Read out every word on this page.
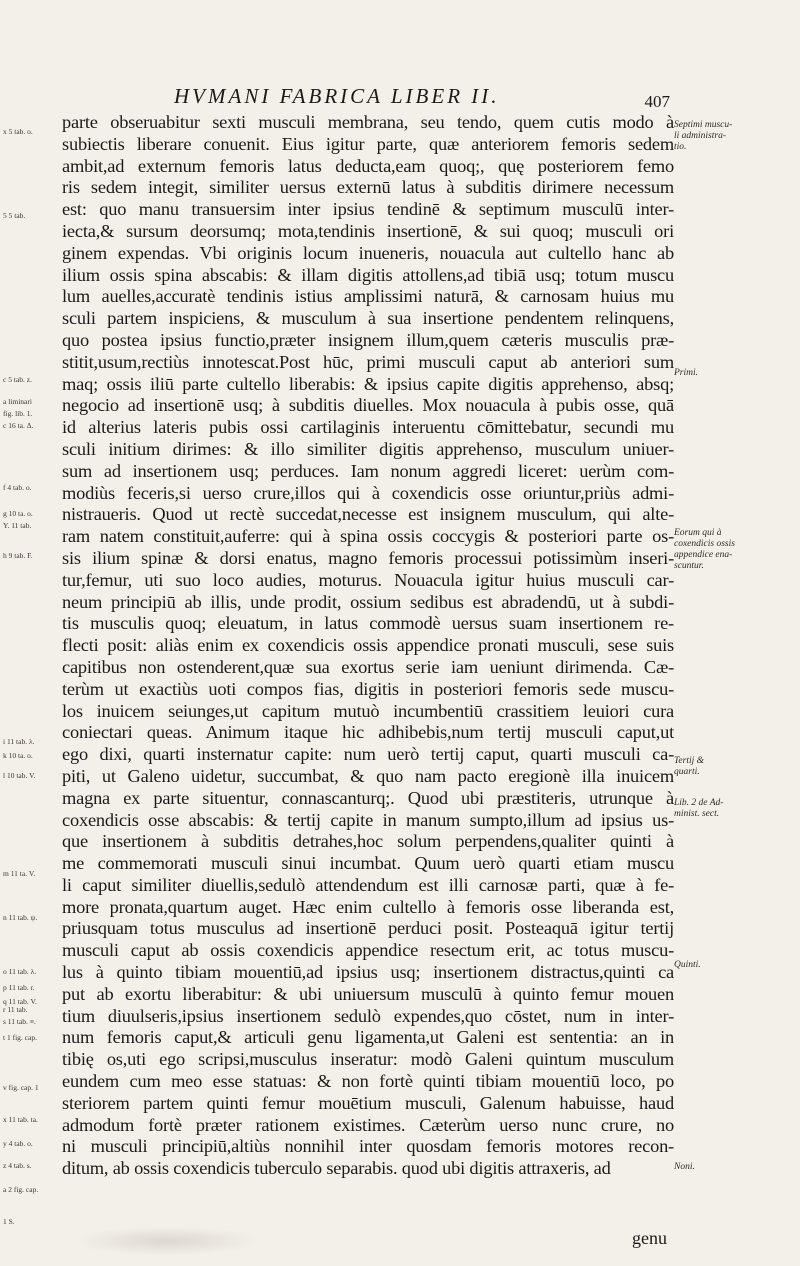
HVMANI FABRICA LIBER II.	407
parte obseruabitur sexti musculi membrana, seu tendo, quem cutis modo à
subiectis liberare conuenit. Eius igitur parte, quæ anteriorem femoris sedem
ambit,ad externum femoris latus deducta,eam quoq;, quę posteriorem femo
ris sedem integit, similiter uersus externū latus à subditis dirimere necessum
est: quo manu transuersim inter ipsius tendinē & septimum musculū inter-
iecta,& sursum deorsumq; mota,tendinis insertionē, & sui quoq; musculi ori
ginem expendas. Vbi originis locum inueneris, nouacula aut cultello hanc ab
ilium ossis spina abscabis: & illam digitis attollens,ad tibiā usq; totum muscu
lum auelles,accuratè tendinis istius amplissimi naturā, & carnosam huius mu
sculi partem inspiciens, & musculum à sua insertione pendentem relinquens,
quo postea ipsius functio,præter insignem illum,quem cæteris musculis præ-
stitit,usum,rectiùs innotescat.Post hūc, primi musculi caput ab anteriori sum
maq; ossis iliū parte cultello liberabis: & ipsius capite digitis apprehenso, absq;
negocio ad insertionē usq; à subditis diuelles. Mox nouacula à pubis osse, quā
id alterius lateris pubis ossi cartilaginis interuentu cōmittebatur, secundi mu
sculi initium dirimes: & illo similiter digitis apprehenso, musculum uniuer-
sum ad insertionem usq; perduces. Iam nonum aggredi liceret: uerùm com-
modiùs feceris,si uerso crure,illos qui à coxendicis osse oriuntur,priùs admi-
nistraueris. Quod ut rectè succedat,necesse est insignem musculum, qui alte-
ram natem constituit,auferre: qui à spina ossis coccygis & posteriori parte os-
sis ilium spinæ & dorsi enatus, magno femoris processui potissimùm inseri-
tur,femur, uti suo loco audies, moturus. Nouacula igitur huius musculi car-
neum principiū ab illis, unde prodit, ossium sedibus est abradendū, ut à subdi-
tis musculis quoq; eleuatum, in latus commodè uersus suam insertionem re-
flecti posit: aliàs enim ex coxendicis ossis appendice pronati musculi, sese suis
capitibus non ostenderent,quæ sua exortus serie iam ueniunt dirimenda. Cæ-
terùm ut exactiùs uoti compos fias, digitis in posteriori femoris sede muscu-
los inuicem seiunges,ut capitum mutuò incumbentiū crassitiem leuiori cura
coniectari queas. Animum itaque hic adhibebis,num tertij musculi caput,ut
ego dixi, quarti insternatur capite: num uerò tertij caput, quarti musculi ca-
piti, ut Galeno uidetur, succumbat, & quo nam pacto eregionè illa inuicem
magna ex parte situentur, connascanturq;. Quod ubi præstiteris, utrunque à
coxendicis osse abscabis: & tertij capite in manum sumpto,illum ad ipsius us-
que insertionem à subditis detrahes,hoc solum perpendens,qualiter quinti à
me commemorati musculi sinui incumbat. Quum uerò quarti etiam muscu
li caput similiter diuellis,sedulò attendendum est illi carnosæ parti, quæ à fe-
more pronata,quartum auget. Hæc enim cultello à femoris osse liberanda est,
priusquam totus musculus ad insertionē perduci posit. Posteaquā igitur tertij
musculi caput ab ossis coxendicis appendice resectum erit, ac totus muscu-
lus à quinto tibiam mouentiū,ad ipsius usq; insertionem distractus,quinti ca
put ab exortu liberabitur: & ubi uniuersum musculū à quinto femur mouen
tium diuulseris,ipsius insertionem sedulò expendes,quo cōstet, num in inter-
num femoris caput,& articuli genu ligamenta,ut Galeni est sententia: an in
tibię os,uti ego scripsi,musculus inseratur: modò Galeni quintum musculum
eundem cum meo esse statuas: & non fortè quinti tibiam mouentiū loco, po
steriorem partem quinti femur mouētium musculi, Galenum habuisse, haud
admodum fortè præter rationem existimes. Cæterùm uerso nunc crure, no
ni musculi principiū,altiùs nonnihil inter quosdam femoris motores recon-
ditum, ab ossis coxendicis tuberculo separabis. quod ubi digitis attraxeris, ad
x 5 tab. o.
5 5 tab.
c 5 tab. z.
a liminari
fig. lib. 1.
c 16 ta. Δ.
f 4 tab. o.
g 10 ta. o.
Y. 11 tab.
h 9 tab. F.
i 11 tab. λ.
k 10 ta. o.
l 10 tab. V.
m 11 ta. V.
n 11 tab. ψ.
o 11 tab. λ.
p 11 tab. r.
q 11 tab. V.
r 11 tab.
s 11 tab. ≡.
t 1 fig. cap.
v fig. cap. 1
x 11 tab. ta.
y 4 tab. o.
z 4 tab. s.
a 2 fig. cap.
1 S.
Septimi muscu-
li administra-
tio.
Primi.
Eorum qui à
coxendicis ossis
appendice ena-
scuntur.
Tertij &
quarti.
Lib. 2 de Ad-
minist. sect.
Quinti.
Noni.
genu
